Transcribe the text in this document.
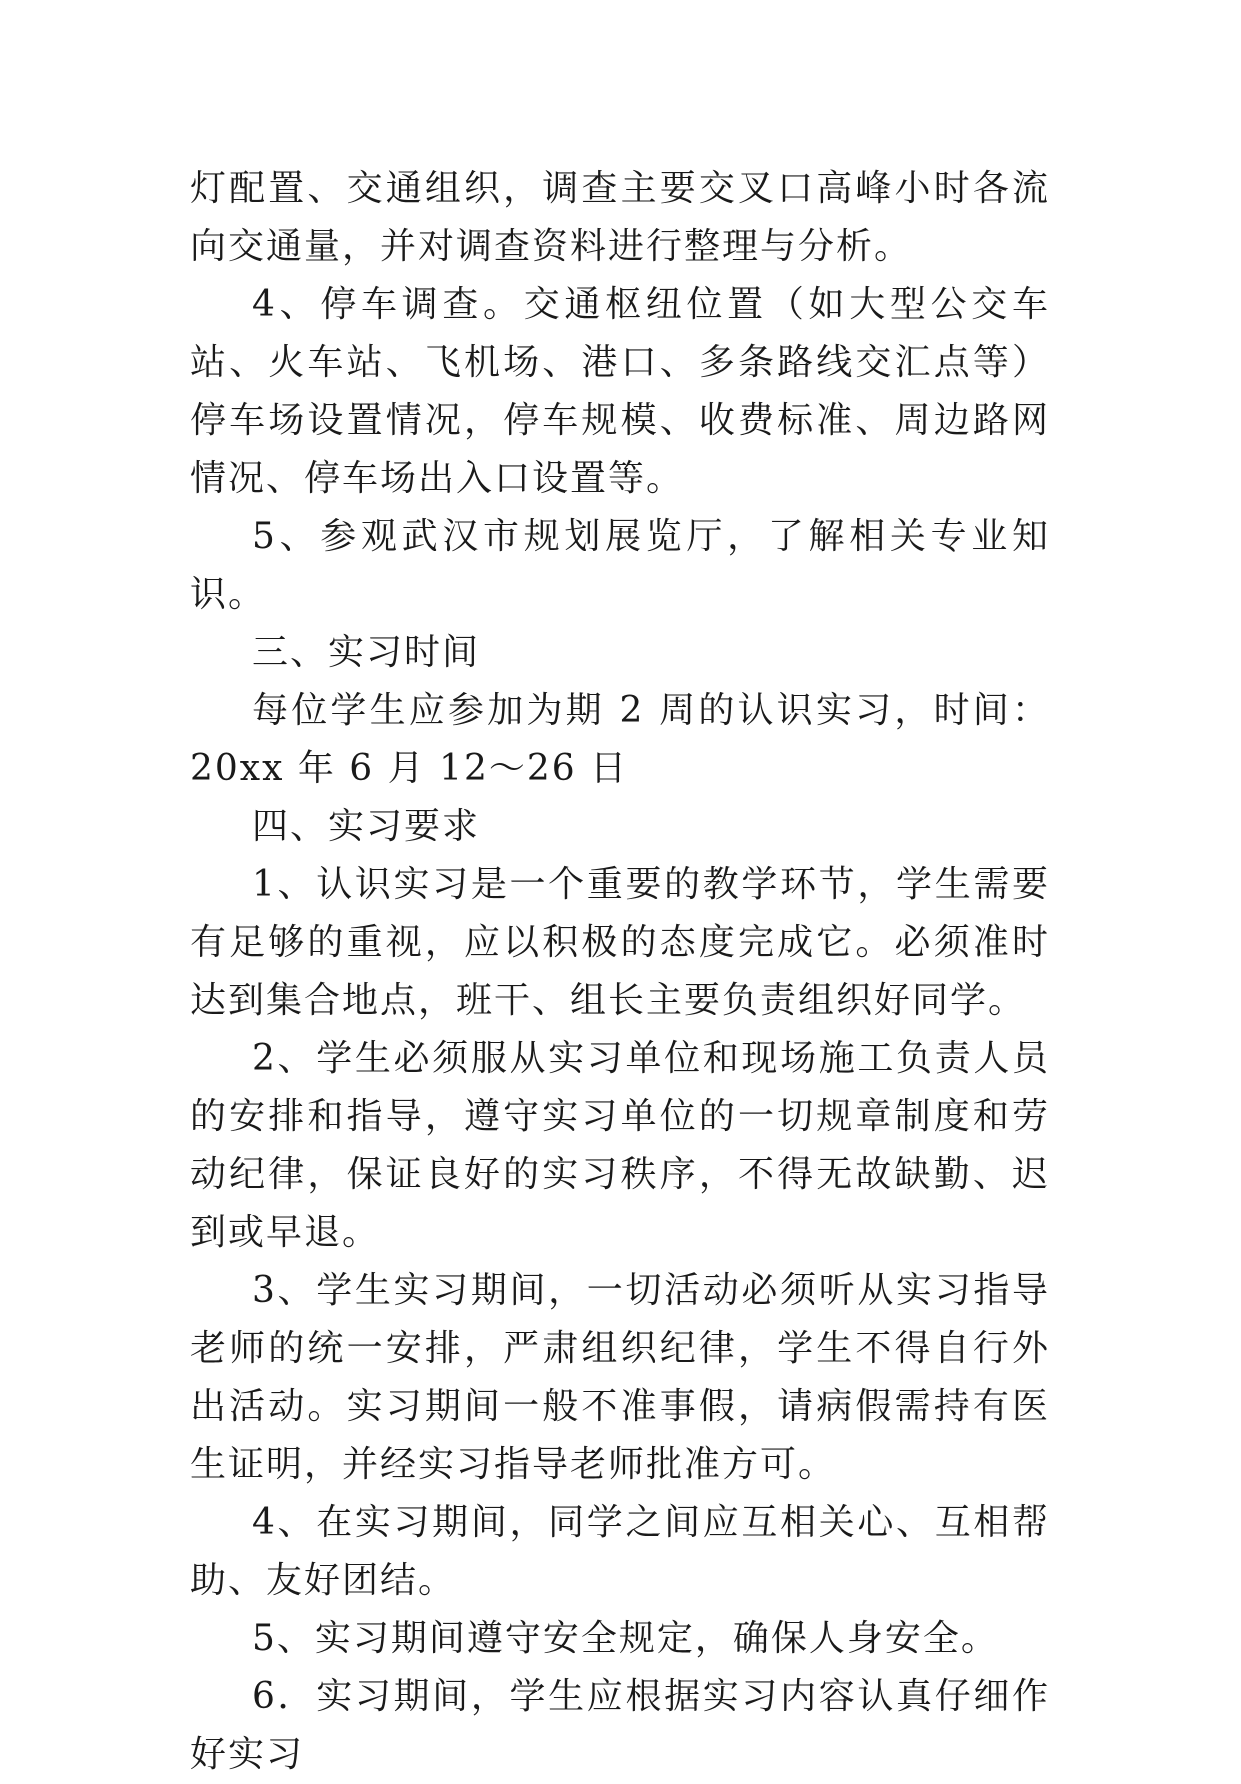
灯配置、交通组织，调查主要交叉口高峰小时各流向交通量，并对调查资料进行整理与分析。

4、停车调查。交通枢纽位置（如大型公交车站、火车站、飞机场、港口、多条路线交汇点等）停车场设置情况，停车规模、收费标准、周边路网情况、停车场出入口设置等。

5、参观武汉市规划展览厅，了解相关专业知识。

三、实习时间

每位学生应参加为期 2 周的认识实习，时间：20xx 年 6 月 12～26 日

四、实习要求

1、认识实习是一个重要的教学环节，学生需要有足够的重视，应以积极的态度完成它。必须准时达到集合地点，班干、组长主要负责组织好同学。

2、学生必须服从实习单位和现场施工负责人员的安排和指导，遵守实习单位的一切规章制度和劳动纪律，保证良好的实习秩序，不得无故缺勤、迟到或早退。

3、学生实习期间，一切活动必须听从实习指导老师的统一安排，严肃组织纪律，学生不得自行外出活动。实习期间一般不准事假，请病假需持有医生证明，并经实习指导老师批准方可。

4、在实习期间，同学之间应互相关心、互相帮助、友好团结。

5、实习期间遵守安全规定，确保人身安全。

6．实习期间，学生应根据实习内容认真仔细作好实习
